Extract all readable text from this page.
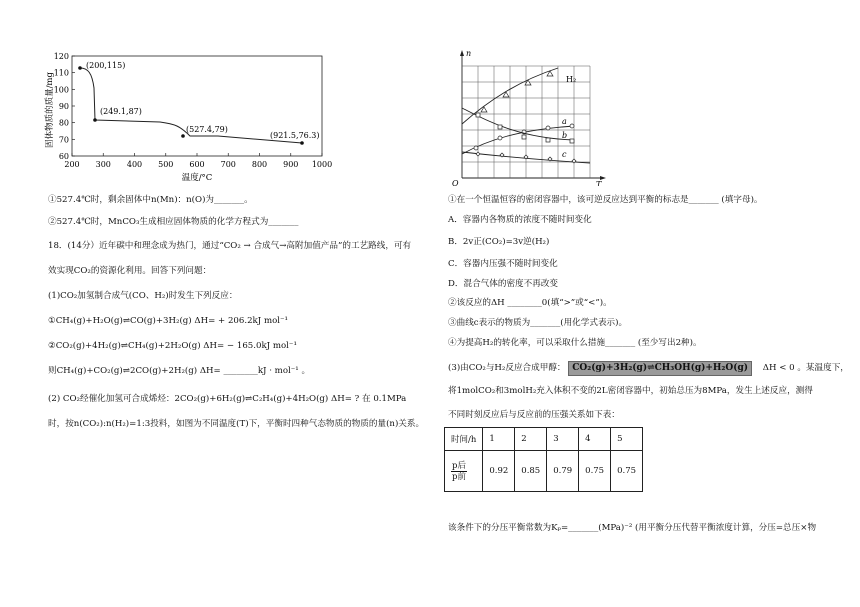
固体物质的质量/mg
120
110
100
90
80
70
60
200 300 400 500 600 700 800 900 1000
(200,115)
(249.1,87)
(527.4,79)
(921.5,76.3)
温度/°C
n
T
O
H₂
a
b
c
①527.4℃时，剩余固体中n(Mn)：n(O)为_______。
②527.4℃时，MnCO₃生成相应固体物质的化学方程式为_______
18．(14分）近年碳中和理念成为热门，通过“CO₂ → 合成气→高附加值产品”的工艺路线，可有
效实现CO₂的资源化利用。回答下列问题：
(1)CO₂加氢制合成气(CO、H₂)时发生下列反应：
①CH₄(g)+H₂O(g)⇌CO(g)+3H₂(g) ΔH= + 206.2kJ mol⁻¹
②CO₂(g)+4H₂(g)⇌CH₄(g)+2H₂O(g) ΔH= − 165.0kJ mol⁻¹
则CH₄(g)+CO₂(g)⇌2CO(g)+2H₂(g) ΔH= ________kJ · mol⁻¹ 。
(2) CO₂经催化加氢可合成烯烃：2CO₂(g)+6H₂(g)⇌C₂H₄(g)+4H₂O(g) ΔH= ? 在 0.1MPa
时，按n(CO₂):n(H₂)=1:3投料，如图为不同温度(T)下，平衡时四种气态物质的物质的量(n)关系。
①在一个恒温恒容的密闭容器中，该可逆反应达到平衡的标志是_______ (填字母)。
A．容器内各物质的浓度不随时间变化
B．2v正(CO₂)=3v逆(H₂)
C．容器内压强不随时间变化
D．混合气体的密度不再改变
②该反应的ΔH ________0(填“>”或“<”)。
③曲线c表示的物质为_______(用化学式表示)。
④为提高H₂的转化率，可以采取什么措施_______ (至少写出2种)。
(3)由CO₂与H₂反应合成甲醇： CO₂(g)+3H₂(g)⇌CH₃OH(g)+H₂O(g) ΔH < 0 。某温度下，
将1molCO₂和3molH₂充入体积不变的2L密闭容器中，初始总压为8MPa，发生上述反应，测得
不同时刻反应后与反应前的压强关系如下表：
时间/h	1	2	3	4	5

$\frac{\text{p后}}{\text{p前}}$	0.92	0.85	0.79	0.75	0.75
该条件下的分压平衡常数为Kₚ=_______(MPa)⁻² (用平衡分压代替平衡浓度计算，分压=总压×物
